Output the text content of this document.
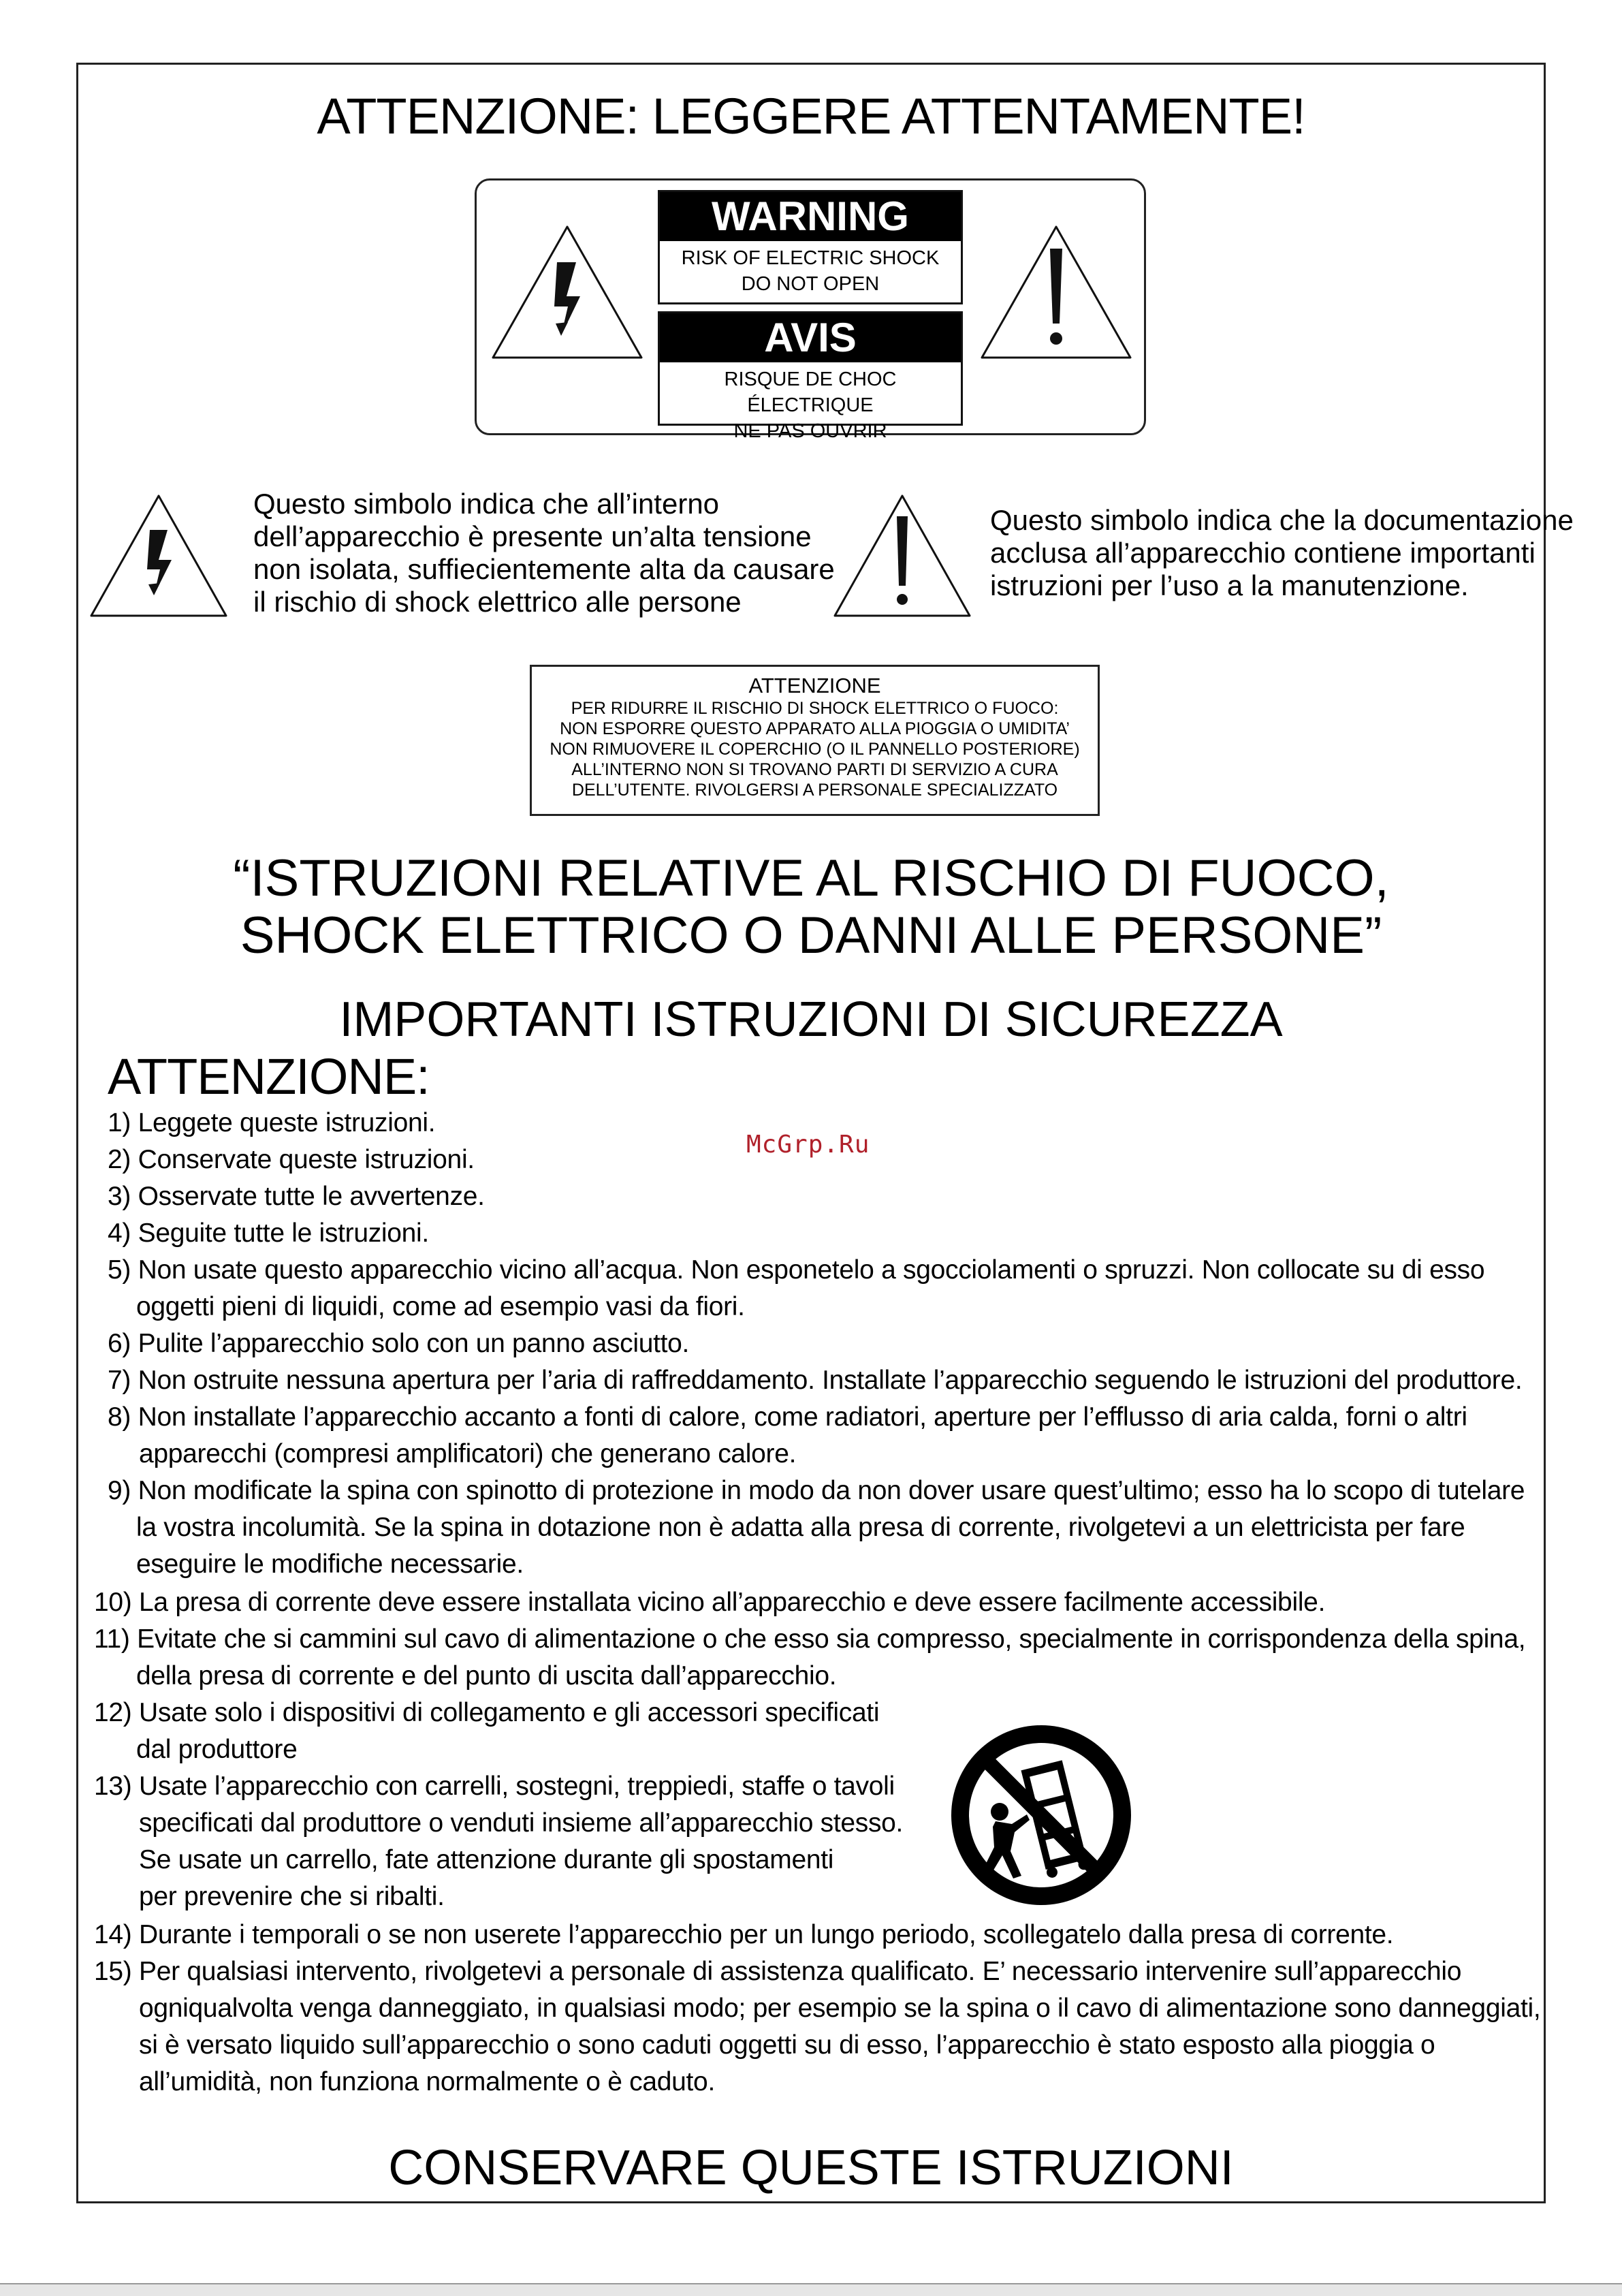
ATTENZIONE: LEGGERE ATTENTAMENTE!
WARNING
RISK OF ELECTRIC SHOCK
DO NOT OPEN
AVIS
RISQUE DE CHOC ÉLECTRIQUE
NE PAS OUVRIR
Questo simbolo indica che all’interno
dell’apparecchio è presente un’alta tensione
non isolata, suffiecientemente alta da causare
il rischio di shock elettrico alle persone
Questo simbolo indica che la documentazione
acclusa all’apparecchio contiene importanti
istruzioni per l’uso a la manutenzione.
ATTENZIONE
PER RIDURRE IL RISCHIO DI SHOCK ELETTRICO O FUOCO:
NON ESPORRE QUESTO APPARATO ALLA PIOGGIA O UMIDITA’
NON RIMUOVERE IL COPERCHIO (O IL PANNELLO POSTERIORE)
ALL’INTERNO NON SI TROVANO PARTI DI SERVIZIO A CURA
DELL’UTENTE. RIVOLGERSI A PERSONALE SPECIALIZZATO
“ISTRUZIONI RELATIVE AL RISCHIO DI FUOCO,
SHOCK ELETTRICO O DANNI ALLE PERSONE”
IMPORTANTI ISTRUZIONI DI SICUREZZA
ATTENZIONE:
McGrp.Ru
1) Leggete queste istruzioni.
2) Conservate queste istruzioni.
3) Osservate tutte le avvertenze.
4) Seguite tutte le istruzioni.
5) Non usate questo apparecchio vicino all’acqua. Non esponetelo a sgocciolamenti o spruzzi. Non collocate su di esso
oggetti pieni di liquidi, come ad esempio vasi da fiori.
6) Pulite l’apparecchio solo con un panno asciutto.
7) Non ostruite nessuna apertura per l’aria di raffreddamento. Installate l’apparecchio seguendo le istruzioni del produttore.
8) Non installate l’apparecchio accanto a fonti di calore, come radiatori, aperture per l’efflusso di aria calda, forni o altri
apparecchi (compresi amplificatori) che generano calore.
9) Non modificate la spina con spinotto di protezione in modo da non dover usare quest’ultimo; esso ha lo scopo di tutelare
la vostra incolumità. Se la spina in dotazione non è adatta alla presa di corrente, rivolgetevi a un elettricista per fare
eseguire le modifiche necessarie.
10) La presa di corrente deve essere installata vicino all’apparecchio e deve essere facilmente accessibile.
11) Evitate che si cammini sul cavo di alimentazione o che esso sia compresso, specialmente in corrispondenza della spina,
della presa di corrente e del punto di uscita dall’apparecchio.
12) Usate solo i dispositivi di collegamento e gli accessori specificati
dal produttore
13) Usate l’apparecchio con carrelli, sostegni, treppiedi, staffe o tavoli
specificati dal produttore o venduti insieme all’apparecchio stesso.
Se usate un carrello, fate attenzione durante gli spostamenti
per prevenire che si ribalti.
14) Durante i temporali o se non userete l’apparecchio per un lungo periodo, scollegatelo dalla presa di corrente.
15) Per qualsiasi intervento, rivolgetevi a personale di assistenza qualificato. E’ necessario intervenire sull’apparecchio
ogniqualvolta venga danneggiato, in qualsiasi modo; per esempio se la spina o il cavo di alimentazione sono danneggiati,
si è versato liquido sull’apparecchio o sono caduti oggetti su di esso, l’apparecchio è stato esposto alla pioggia o
all’umidità, non funziona normalmente o è caduto.
CONSERVARE QUESTE ISTRUZIONI
